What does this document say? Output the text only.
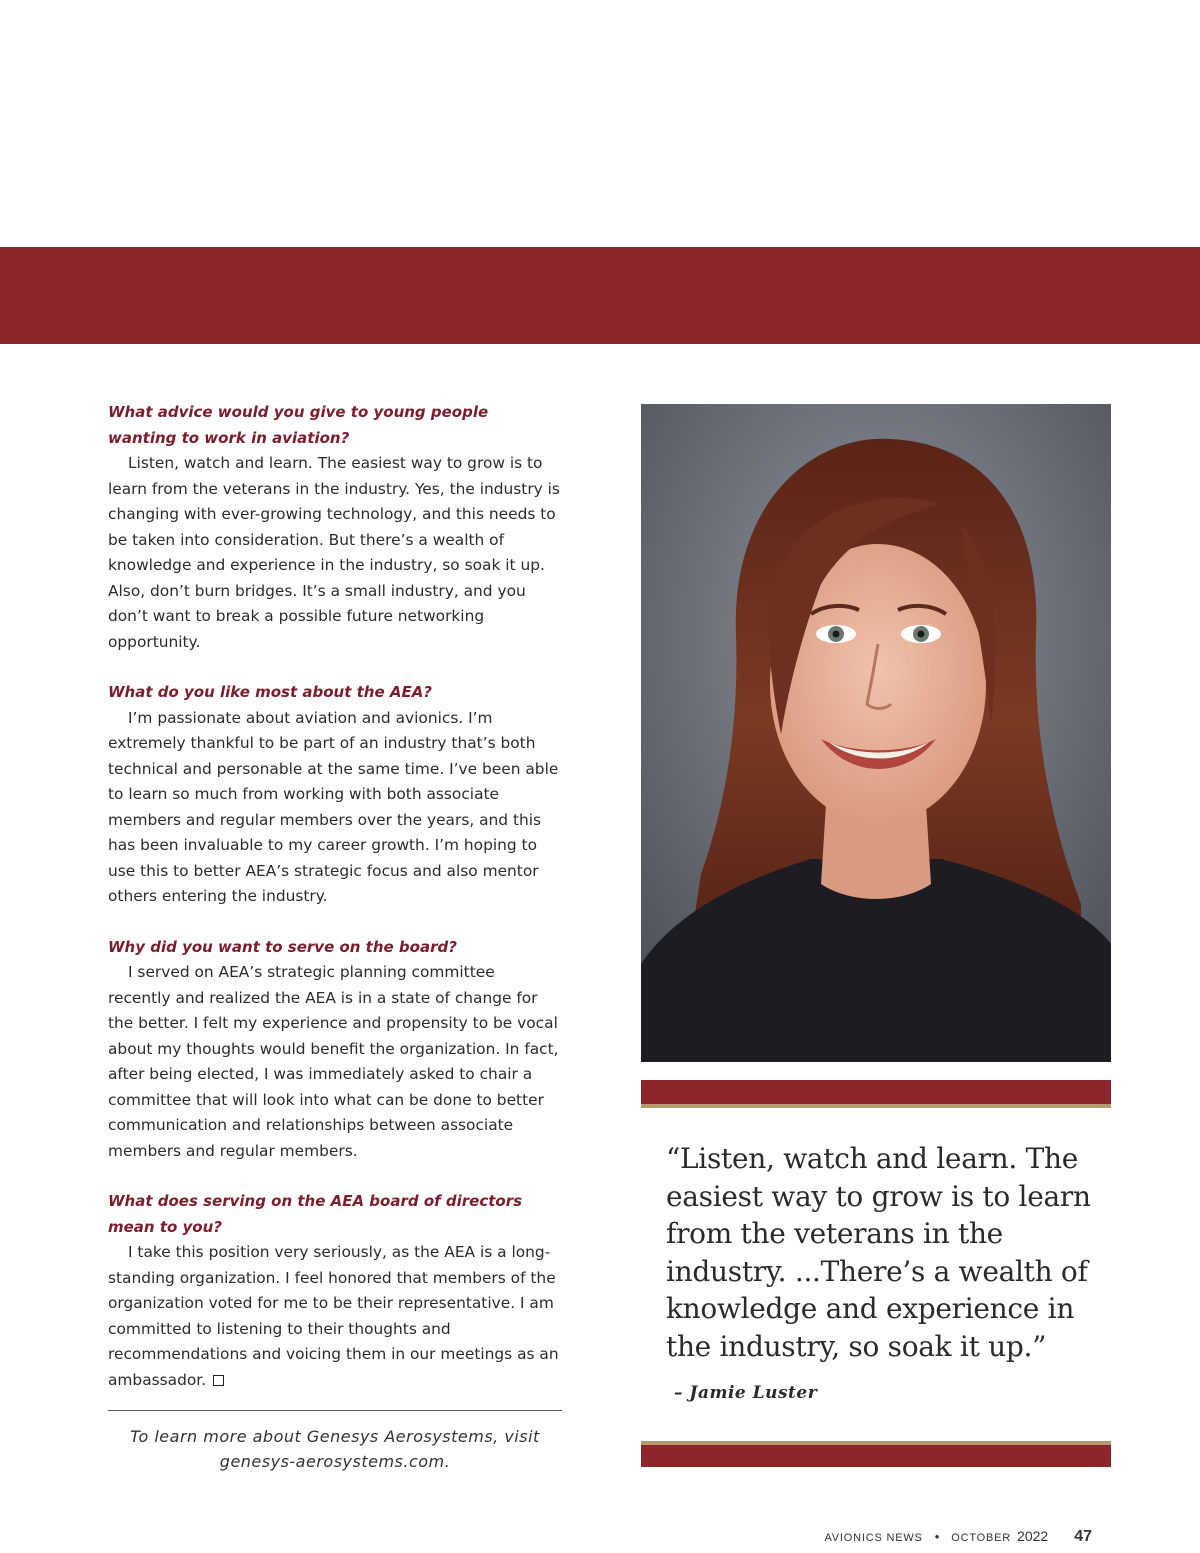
What advice would you give to young people wanting to work in aviation?

Listen, watch and learn. The easiest way to grow is to learn from the veterans in the industry. Yes, the industry is changing with ever-growing technology, and this needs to be taken into consideration. But there’s a wealth of knowledge and experience in the industry, so soak it up. Also, don’t burn bridges. It’s a small industry, and you don’t want to break a possible future networking opportunity.

What do you like most about the AEA?

I’m passionate about aviation and avionics. I’m extremely thankful to be part of an industry that’s both technical and personable at the same time. I’ve been able to learn so much from working with both associate members and regular members over the years, and this has been invaluable to my career growth. I’m hoping to use this to better AEA’s strategic focus and also mentor others entering the industry.

Why did you want to serve on the board?

I served on AEA’s strategic planning committee recently and realized the AEA is in a state of change for the better. I felt my experience and propensity to be vocal about my thoughts would benefit the organization. In fact, after being elected, I was immediately asked to chair a committee that will look into what can be done to better communication and relationships between associate members and regular members.

What does serving on the AEA board of directors mean to you?

I take this position very seriously, as the AEA is a long-standing organization. I feel honored that members of the organization voted for me to be their representative. I am committed to listening to their thoughts and recommendations and voicing them in our meetings as an ambassador.

To learn more about Genesys Aerosystems, visit genesys-aerosystems.com.

“Listen, watch and learn. The easiest way to grow is to learn from the veterans in the industry. ...There’s a wealth of knowledge and experience in the industry, so soak it up.”

– Jamie Luster
AVIONICS NEWS • OCTOBER 2022 47
